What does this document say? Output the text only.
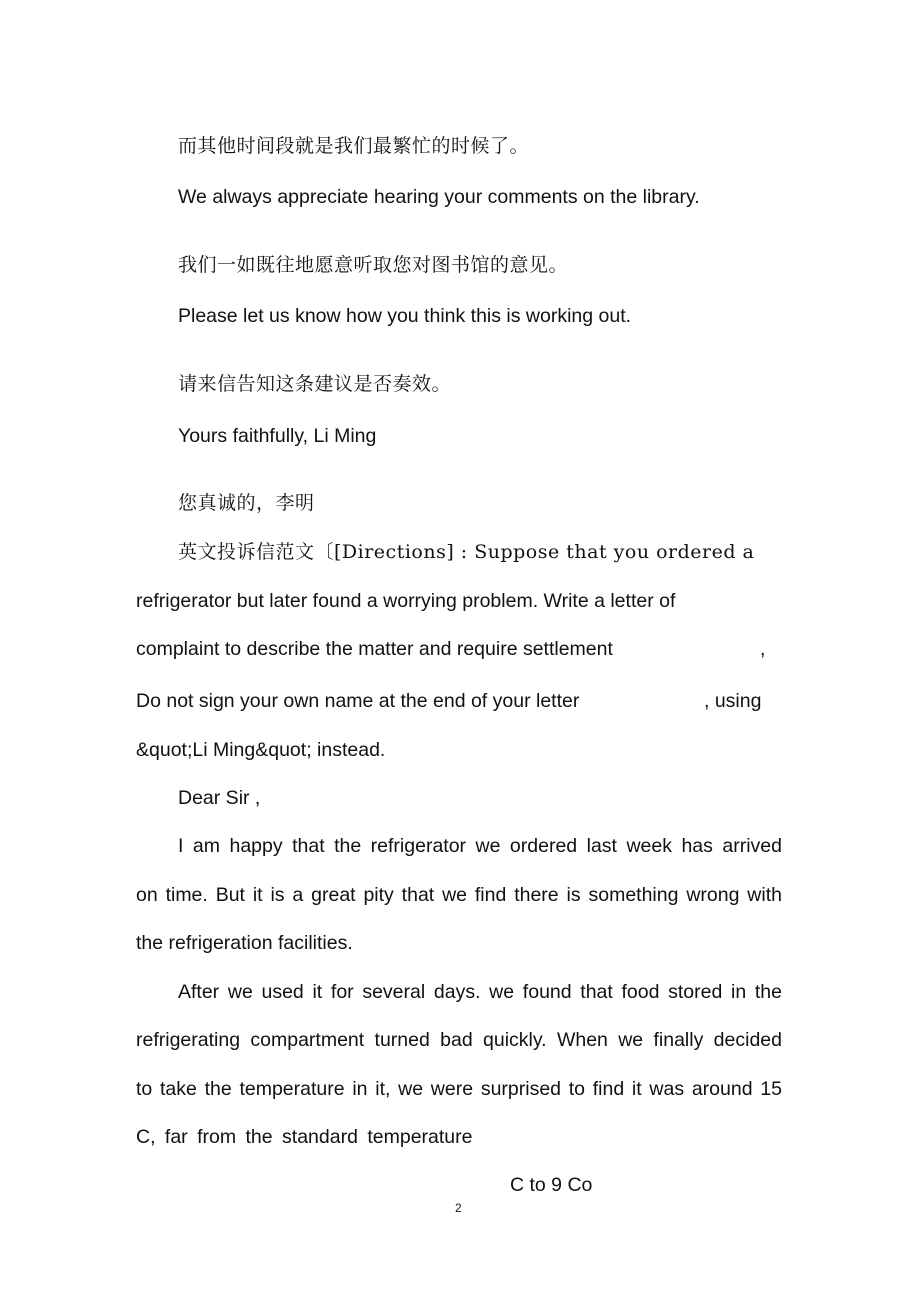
而其他时间段就是我们最繁忙的时候了。
We always appreciate hearing your comments on the library.
我们一如既往地愿意听取您对图书馆的意见。
Please let us know how you think this is working out.
请来信告知这条建议是否奏效。
Yours faithfully, Li Ming
您真诚的，李明
英文投诉信范文〔[Directions] : Suppose that you ordered a
refrigerator but later found a worrying problem. Write a letter of
complaint to describe the matter and require settlement	,
Do not sign your own name at the end of your letter	, using
&quot;Li Ming&quot; instead.
Dear Sir ,
I am happy that the refrigerator we ordered last week has arrived
on time. But it is a great pity that we find there is something wrong with
the refrigeration facilities.
After we used it for several days. we found that food stored in the
refrigerating compartment turned bad quickly. When we finally decided
to take the temperature in it, we were surprised to find it was around 15
C, far from the standard temperature
C to 9 Co
2
